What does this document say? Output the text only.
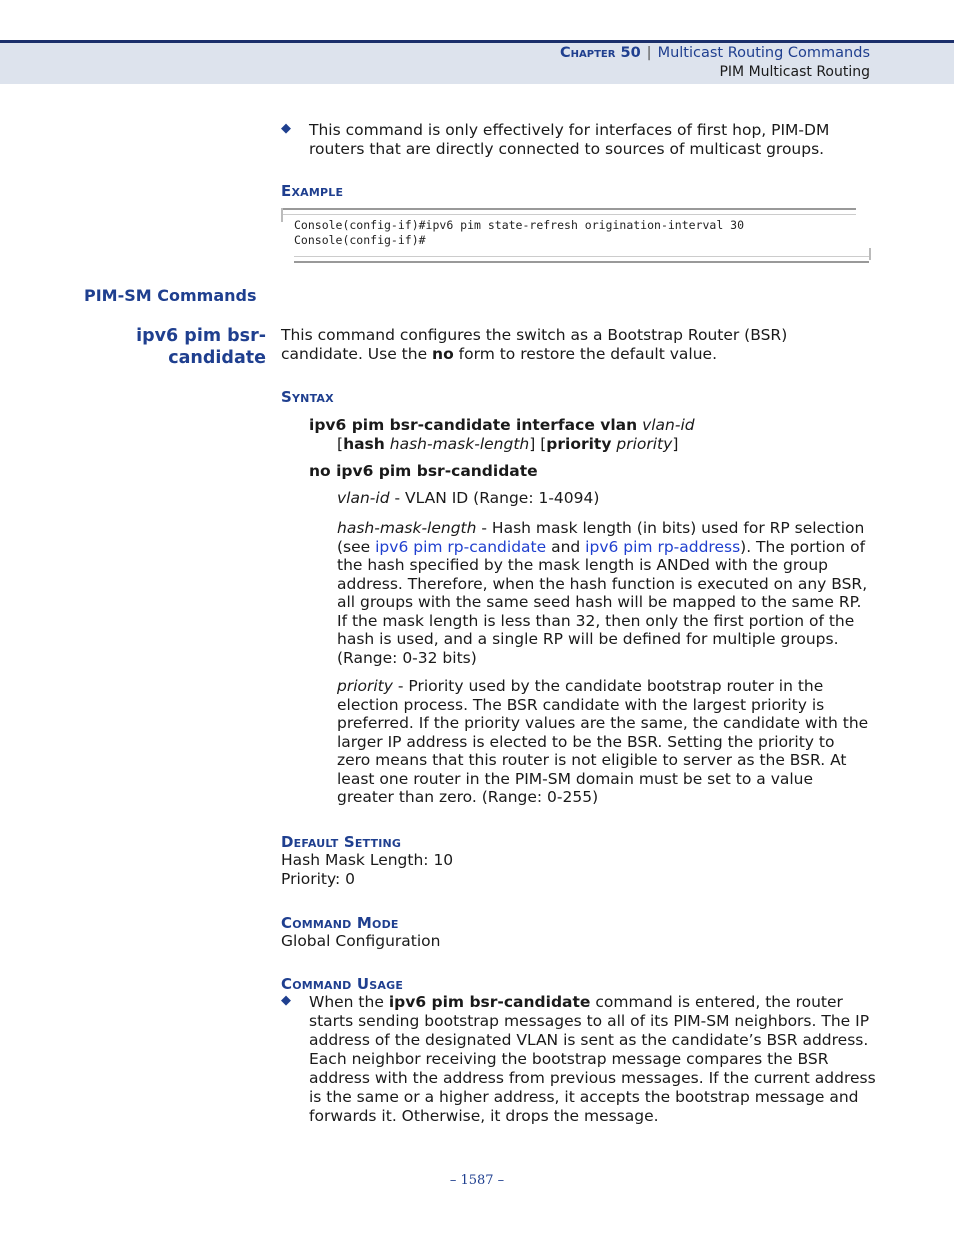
Chapter 50 | Multicast Routing Commands
PIM Multicast Routing
◆ This command is only effectively for interfaces of first hop, PIM-DM routers that are directly connected to sources of multicast groups.
Example
Console(config-if)#ipv6 pim state-refresh origination-interval 30
Console(config-if)#
PIM-SM Commands
ipv6 pim bsr-
candidate
This command configures the switch as a Bootstrap Router (BSR) candidate. Use the no form to restore the default value.
Syntax
ipv6 pim bsr-candidate interface vlan vlan-id
[hash hash-mask-length] [priority priority]
no ipv6 pim bsr-candidate
vlan-id - VLAN ID (Range: 1-4094)
hash-mask-length - Hash mask length (in bits) used for RP selection (see ipv6 pim rp-candidate and ipv6 pim rp-address). The portion of the hash specified by the mask length is ANDed with the group address. Therefore, when the hash function is executed on any BSR, all groups with the same seed hash will be mapped to the same RP. If the mask length is less than 32, then only the first portion of the hash is used, and a single RP will be defined for multiple groups. (Range: 0-32 bits)
priority - Priority used by the candidate bootstrap router in the election process. The BSR candidate with the largest priority is preferred. If the priority values are the same, the candidate with the larger IP address is elected to be the BSR. Setting the priority to zero means that this router is not eligible to server as the BSR. At least one router in the PIM-SM domain must be set to a value greater than zero. (Range: 0-255)
Default Setting
Hash Mask Length: 10
Priority: 0
Command Mode
Global Configuration
Command Usage
◆ When the ipv6 pim bsr-candidate command is entered, the router starts sending bootstrap messages to all of its PIM-SM neighbors. The IP address of the designated VLAN is sent as the candidate’s BSR address. Each neighbor receiving the bootstrap message compares the BSR address with the address from previous messages. If the current address is the same or a higher address, it accepts the bootstrap message and forwards it. Otherwise, it drops the message.
– 1587 –
